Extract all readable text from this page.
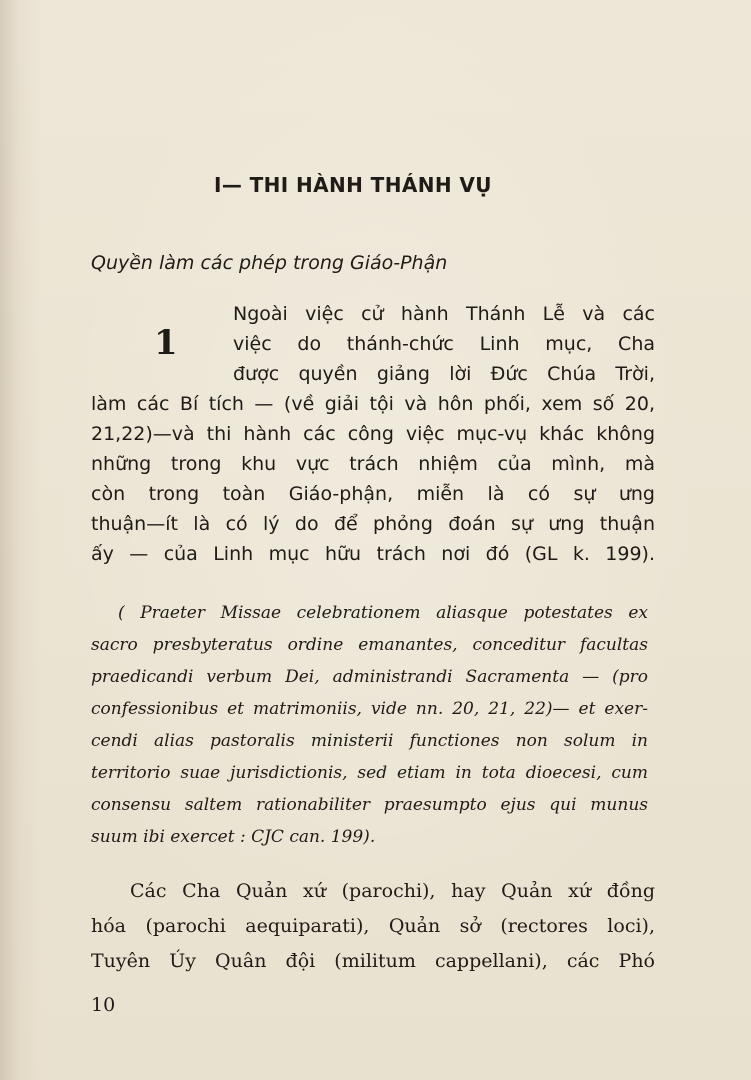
I— THI HÀNH THÁNH VỤ
Quyền làm các phép trong Giáo-Phận
1
Ngoài việc cử hành Thánh Lễ và các
việc do thánh-chức Linh mục, Cha
được quyền giảng lời Đức Chúa Trời,
làm các Bí tích — (về giải tội và hôn phối, xem số 20,
21,22)—và thi hành các công việc mục-vụ khác không
những trong khu vực trách nhiệm của mình, mà
còn trong toàn Giáo-phận, miễn là có sự ưng
thuận—ít là có lý do để phỏng đoán sự ưng thuận
ấy — của Linh mục hữu trách nơi đó (GL k. 199).
( Praeter Missae celebrationem aliasque potestates ex
sacro presbyteratus ordine emanantes, conceditur facultas
praedicandi verbum Dei, administrandi Sacramenta — (pro
confessionibus et matrimoniis, vide nn. 20, 21, 22)— et exer-
cendi alias pastoralis ministerii functiones non solum in
territorio suae jurisdictionis, sed etiam in tota dioecesi, cum
consensu saltem rationabiliter praesumpto ejus qui munus
suum ibi exercet : CJC can. 199).
Các Cha Quản xứ (parochi), hay Quản xứ đồng
hóa (parochi aequiparati), Quản sở (rectores loci),
Tuyên Úy Quân đội (militum cappellani), các Phó
10
